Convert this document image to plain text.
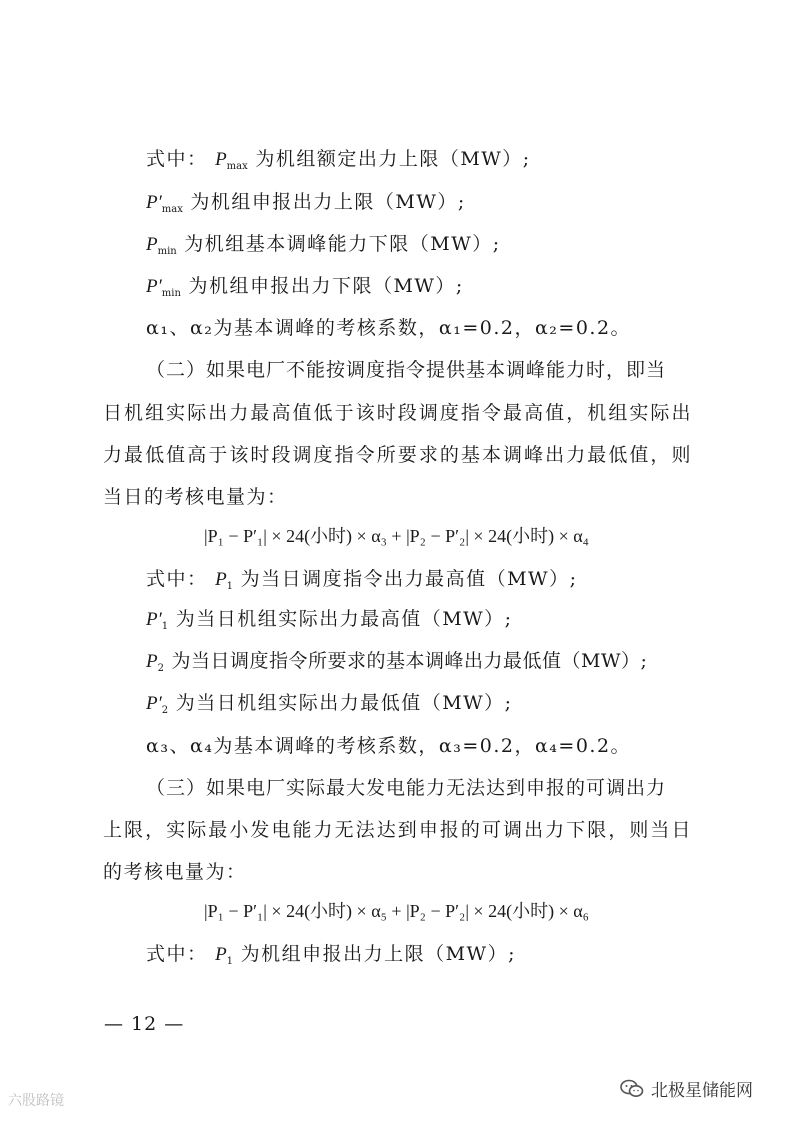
式中： $P_{max}$ 为机组额定出力上限（MW）;
$P'_{max}$ 为机组申报出力上限（MW）;
$P_{min}$ 为机组基本调峰能力下限（MW）;
$P'_{min}$ 为机组申报出力下限（MW）;
α₁、α₂为基本调峰的考核系数，α₁=0.2，α₂=0.2。
（二）如果电厂不能按调度指令提供基本调峰能力时，即当
日机组实际出力最高值低于该时段调度指令最高值，机组实际出
力最低值高于该时段调度指令所要求的基本调峰出力最低值，则
当日的考核电量为：
|P₁ − P′₁| × 24(小时) × α₃ + |P₂ − P′₂| × 24(小时) × α₄
式中： $P_1$ 为当日调度指令出力最高值（MW）;
$P'_1$ 为当日机组实际出力最高值（MW）;
$P_2$ 为当日调度指令所要求的基本调峰出力最低值（MW）;
$P'_2$ 为当日机组实际出力最低值（MW）;
α₃、α₄为基本调峰的考核系数，α₃=0.2，α₄=0.2。
（三）如果电厂实际最大发电能力无法达到申报的可调出力
上限，实际最小发电能力无法达到申报的可调出力下限，则当日
的考核电量为：
|P₁ − P′₁| × 24(小时) × α₅ + |P₂ − P′₂| × 24(小时) × α₆
式中： $P_1$ 为机组申报出力上限（MW）;
— 12 —
六股路镜	北极星储能网
